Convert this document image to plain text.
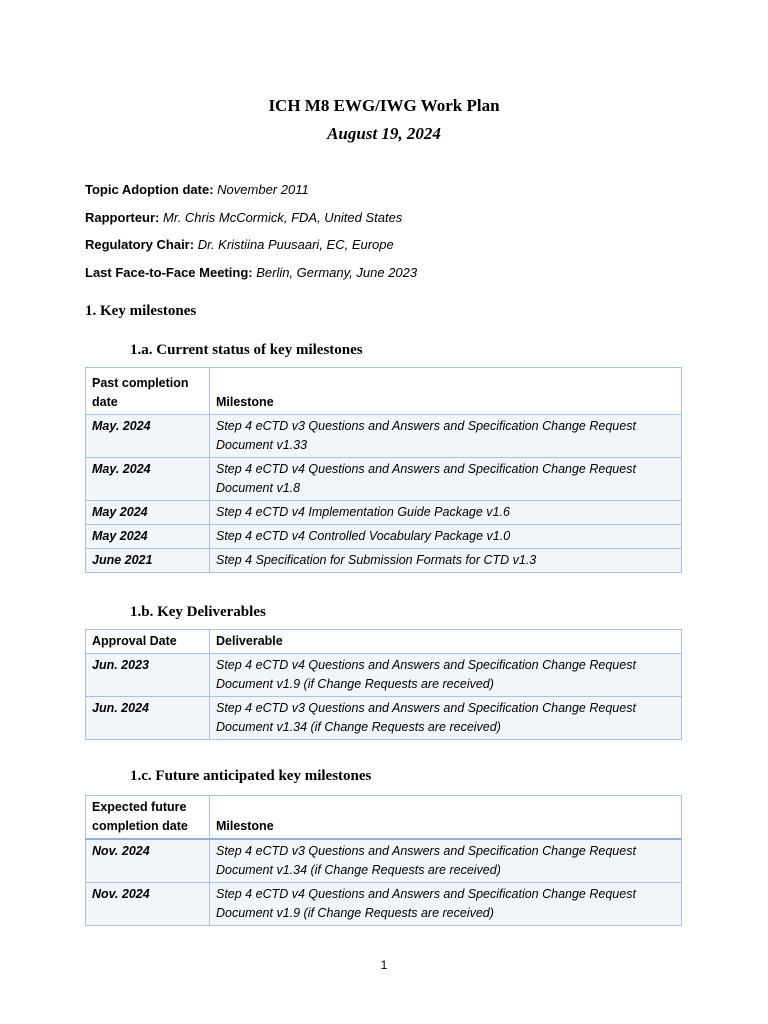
ICH M8 EWG/IWG Work Plan
August 19, 2024
Topic Adoption date: November 2011
Rapporteur: Mr. Chris McCormick, FDA, United States
Regulatory Chair: Dr. Kristiina Puusaari, EC, Europe
Last Face-to-Face Meeting: Berlin, Germany, June 2023
1. Key milestones
1.a. Current status of key milestones
Past completion date	Milestone
May. 2024	Step 4 eCTD v3 Questions and Answers and Specification Change Request Document v1.33
May. 2024	Step 4 eCTD v4 Questions and Answers and Specification Change Request Document v1.8
May 2024	Step 4 eCTD v4 Implementation Guide Package v1.6
May 2024	Step 4 eCTD v4 Controlled Vocabulary Package v1.0
June 2021	Step 4 Specification for Submission Formats for CTD v1.3
1.b. Key Deliverables
Approval Date	Deliverable
Jun. 2023	Step 4 eCTD v4 Questions and Answers and Specification Change Request Document v1.9 (if Change Requests are received)
Jun. 2024	Step 4 eCTD v3 Questions and Answers and Specification Change Request Document v1.34 (if Change Requests are received)
1.c. Future anticipated key milestones
Expected future completion date	Milestone
Nov. 2024	Step 4 eCTD v3 Questions and Answers and Specification Change Request Document v1.34 (if Change Requests are received)
Nov. 2024	Step 4 eCTD v4 Questions and Answers and Specification Change Request Document v1.9 (if Change Requests are received)
1
